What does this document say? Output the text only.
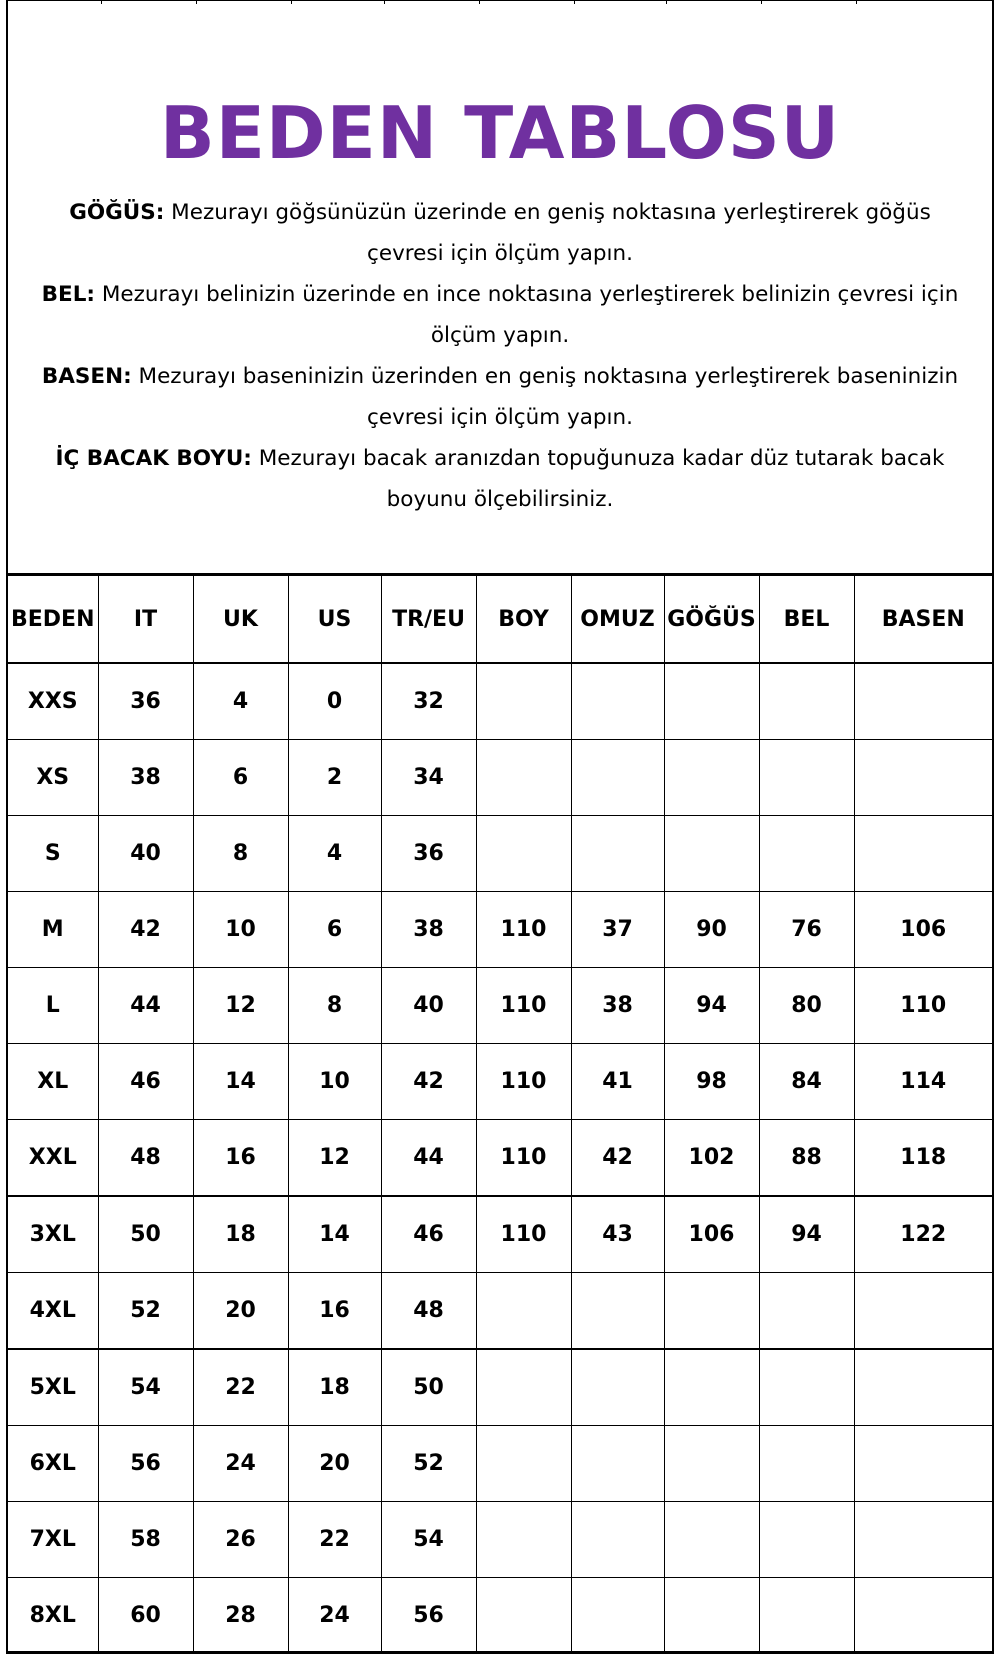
BEDEN TABLOSU

GÖĞÜS: Mezurayı göğsünüzün üzerinde en geniş noktasına yerleştirerek göğüs

çevresi için ölçüm yapın.

BEL: Mezurayı belinizin üzerinde en ince noktasına yerleştirerek belinizin çevresi için

ölçüm yapın.

BASEN: Mezurayı baseninizin üzerinden en geniş noktasına yerleştirerek baseninizin

çevresi için ölçüm yapın.

İÇ BACAK BOYU: Mezurayı bacak aranızdan topuğunuza kadar düz tutarak bacak

boyunu ölçebilirsiniz.

BEDEN	IT	UK	US	TR/EU	BOY	OMUZ	GÖĞÜS	BEL	BASEN
XXS	36	4	0	32					
XS	38	6	2	34					
S	40	8	4	36					
M	42	10	6	38	110	37	90	76	106
L	44	12	8	40	110	38	94	80	110
XL	46	14	10	42	110	41	98	84	114
XXL	48	16	12	44	110	42	102	88	118
3XL	50	18	14	46	110	43	106	94	122
4XL	52	20	16	48					
5XL	54	22	18	50					
6XL	56	24	20	52					
7XL	58	26	22	54					
8XL	60	28	24	56					
